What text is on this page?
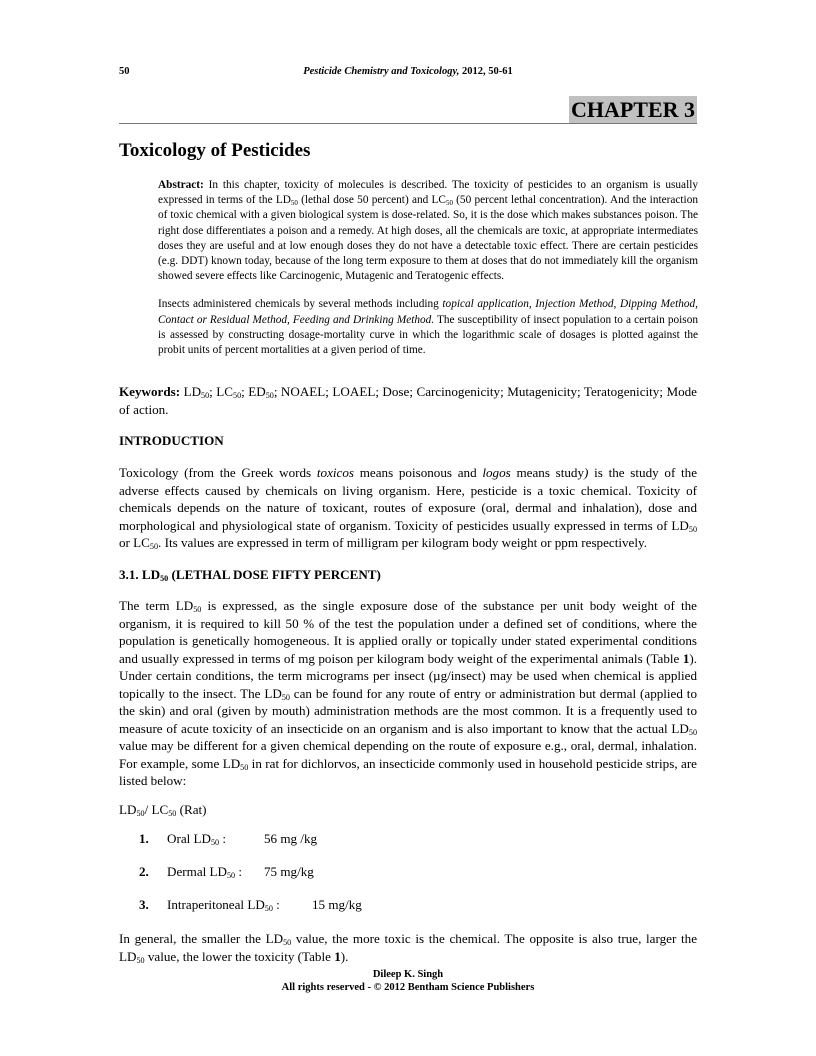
50	Pesticide Chemistry and Toxicology, 2012, 50-61
CHAPTER 3
Toxicology of Pesticides

Abstract: In this chapter, toxicity of molecules is described. The toxicity of pesticides to an organism is usually expressed in terms of the $LD_{50}$ (lethal dose 50 percent) and $LC_{50}$ (50 percent lethal concentration). And the interaction of toxic chemical with a given biological system is dose-related. So, it is the dose which makes substances poison. The right dose differentiates a poison and a remedy. At high doses, all the chemicals are toxic, at appropriate intermediates doses they are useful and at low enough doses they do not have a detectable toxic effect. There are certain pesticides (e.g. DDT) known today, because of the long term exposure to them at doses that do not immediately kill the organism showed severe effects like Carcinogenic, Mutagenic and Teratogenic effects.

Insects administered chemicals by several methods including topical application, Injection Method, Dipping Method, Contact or Residual Method, Feeding and Drinking Method. The susceptibility of insect population to a certain poison is assessed by constructing dosage-mortality curve in which the logarithmic scale of dosages is plotted against the probit units of percent mortalities at a given period of time.

Keywords: $LD_{50}$; $LC_{50}$; $ED_{50}$; NOAEL; LOAEL; Dose; Carcinogenicity; Mutagenicity; Teratogenicity; Mode of action.

INTRODUCTION

Toxicology (from the Greek words toxicos means poisonous and logos means study) is the study of the adverse effects caused by chemicals on living organism. Here, pesticide is a toxic chemical. Toxicity of chemicals depends on the nature of toxicant, routes of exposure (oral, dermal and inhalation), dose and morphological and physiological state of organism. Toxicity of pesticides usually expressed in terms of $LD_{50}$ or $LC_{50}$. Its values are expressed in term of milligram per kilogram body weight or ppm respectively.

3.1. $LD_{50}$ (LETHAL DOSE FIFTY PERCENT)

The term $LD_{50}$ is expressed, as the single exposure dose of the substance per unit body weight of the organism, it is required to kill 50 % of the test the population under a defined set of conditions, where the population is genetically homogeneous. It is applied orally or topically under stated experimental conditions and usually expressed in terms of mg poison per kilogram body weight of the experimental animals (Table 1). Under certain conditions, the term micrograms per insect (µg/insect) may be used when chemical is applied topically to the insect. The $LD_{50}$ can be found for any route of entry or administration but dermal (applied to the skin) and oral (given by mouth) administration methods are the most common. It is a frequently used to measure of acute toxicity of an insecticide on an organism and is also important to know that the actual $LD_{50}$ value may be different for a given chemical depending on the route of exposure e.g., oral, dermal, inhalation. For example, some $LD_{50}$ in rat for dichlorvos, an insecticide commonly used in household pesticide strips, are listed below:

$LD_{50}/$ $LC_{50}$ (Rat)
1. Oral $LD_{50}$ :	56 mg /kg
2. Dermal $LD_{50}$ : 75 mg/kg
3. Intraperitoneal $LD_{50}$ : 15 mg/kg

In general, the smaller the $LD_{50}$ value, the more toxic is the chemical. The opposite is also true, larger the $LD_{50}$ value, the lower the toxicity (Table 1).

Dileep K. Singh
All rights reserved - © 2012 Bentham Science Publishers
